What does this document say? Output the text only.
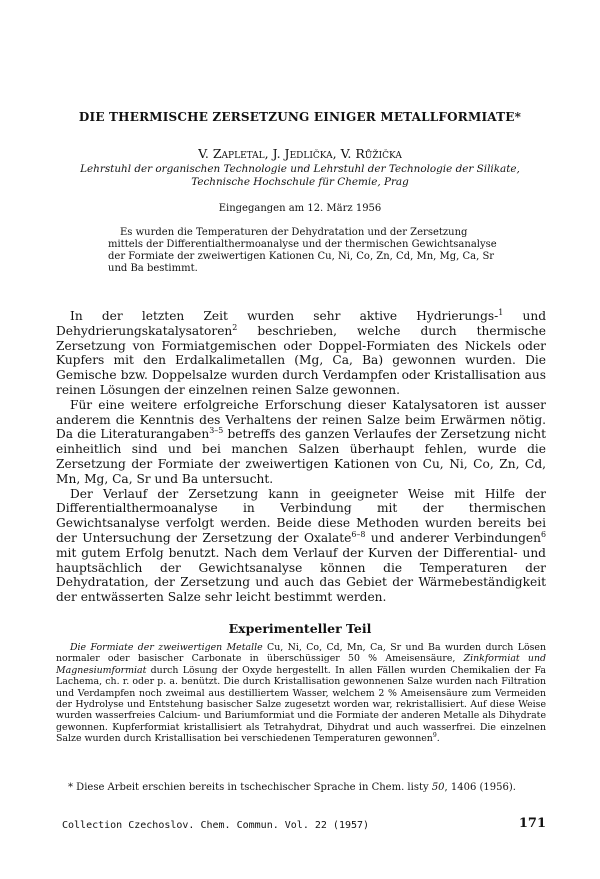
DIE THERMISCHE ZERSETZUNG EINIGER METALLFORMIATE*
V. Zapletal, J. Jedlička, V. Růžička
Lehrstuhl der organischen Technologie und Lehrstuhl der Technologie der Silikate, Technische Hochschule für Chemie, Prag
Eingegangen am 12. März 1956

Es wurden die Temperaturen der Dehydratation und der Zersetzung mittels der Differentialthermoanalyse und der thermischen Gewichtsanalyse der Formiate der zweiwertigen Kationen Cu, Ni, Co, Zn, Cd, Mn, Mg, Ca, Sr und Ba bestimmt.

In der letzten Zeit wurden sehr aktive Hydrierungs-$^1$ und Dehydrierungskatalysatoren$^2$ beschrieben, welche durch thermische Zersetzung von Formiatgemischen oder Doppel-Formiaten des Nickels oder Kupfers mit den Erdalkalimetallen (Mg, Ca, Ba) gewonnen wurden. Die Gemische bzw. Doppelsalze wurden durch Verdampfen oder Kristallisation aus reinen Lösungen der einzelnen reinen Salze gewonnen.

Für eine weitere erfolgreiche Erforschung dieser Katalysatoren ist ausser anderem die Kenntnis des Verhaltens der reinen Salze beim Erwärmen nötig. Da die Literaturangaben$^{3-5}$ betreffs des ganzen Verlaufes der Zersetzung nicht einheitlich sind und bei manchen Salzen überhaupt fehlen, wurde die Zersetzung der Formiate der zweiwertigen Kationen von Cu, Ni, Co, Zn, Cd, Mn, Mg, Ca, Sr und Ba untersucht.

Der Verlauf der Zersetzung kann in geeigneter Weise mit Hilfe der Differentialthermoanalyse in Verbindung mit der thermischen Gewichtsanalyse verfolgt werden. Beide diese Methoden wurden bereits bei der Untersuchung der Zersetzung der Oxalate$^{6-8}$ und anderer Verbindungen$^6$ mit gutem Erfolg benutzt. Nach dem Verlauf der Kurven der Differential- und hauptsächlich der Gewichtsanalyse können die Temperaturen der Dehydratation, der Zersetzung und auch das Gebiet der Wärmebeständigkeit der entwässerten Salze sehr leicht bestimmt werden.

Experimenteller Teil

Die Formiate der zweiwertigen Metalle Cu, Ni, Co, Cd, Mn, Ca, Sr und Ba wurden durch Lösen normaler oder basischer Carbonate in überschüssiger 50 % Ameisensäure, Zinkformiat und Magnesiumformiat durch Lösung der Oxyde hergestellt. In allen Fällen wurden Chemikalien der Fa Lachema, ch. r. oder p. a. benützt. Die durch Kristallisation gewonnenen Salze wurden nach Filtration und Verdampfen noch zweimal aus destilliertem Wasser, welchem 2 % Ameisensäure zum Vermeiden der Hydrolyse und Entstehung basischer Salze zugesetzt worden war, rekristallisiert. Auf diese Weise wurden wasserfreies Calcium- und Bariumformiat und die Formiate der anderen Metalle als Dihydrate gewonnen. Kupferformiat kristallisiert als Tetrahydrat, Dihydrat und auch wasserfrei. Die einzelnen Salze wurden durch Kristallisation bei verschiedenen Temperaturen gewonnen$^9$.

* Diese Arbeit erschien bereits in tschechischer Sprache in Chem. listy 50, 1406 (1956).
Collection Czechoslov. Chem. Commun. Vol. 22 (1957)	171
